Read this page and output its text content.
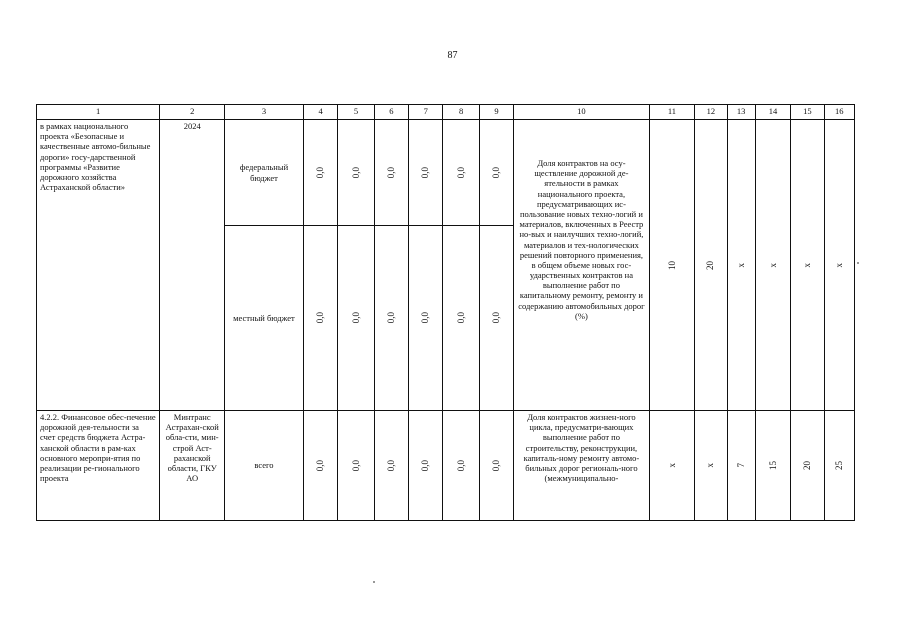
87
1	2	3	4	5	6	7	8	9	10	11	12	13	14	15	16
в рамках национального проекта «Безопасные и качественные автомо-бильные дороги» госу-дарственной программы «Развитие дорожного хозяйства Астраханской области»	2024	федеральный бюджет	0,0	0,0	0,0	0,0	0,0	0,0	Доля контрактов на осу-ществление дорожной де-ятельности в рамках национального проекта, предусматривающих ис-пользование новых техно-логий и материалов, включенных в Реестр но-вых и наилучших техно-логий, материалов и тех-нологических решений повторного применения, в общем объеме новых гос-ударственных контрактов на выполнение работ по капитальному ремонту, ремонту и содержанию автомобильных дорог (%)	10	20	x	x	x	x

		местный бюджет	0,0	0,0	0,0	0,0	0,0	0,0							

4.2.2. Финансовое обес-печение дорожной дея-тельности за счет средств бюджета Астра-ханской области в рам-ках основного меропри-ятия по реализации ре-гионального проекта	Минтранс Астрахан-ской обла-сти, мин-строй Аст-раханской области, ГКУ АО	всего	0,0	0,0	0,0	0,0	0,0	0,0	Доля контрактов жизнен-ного цикла, предусматри-вающих выполнение работ по строительству, реконструкции, капиталь-ному ремонту автомо-бильных дорог региональ-ного (межмуниципально-	x	x	7	15	20	25
